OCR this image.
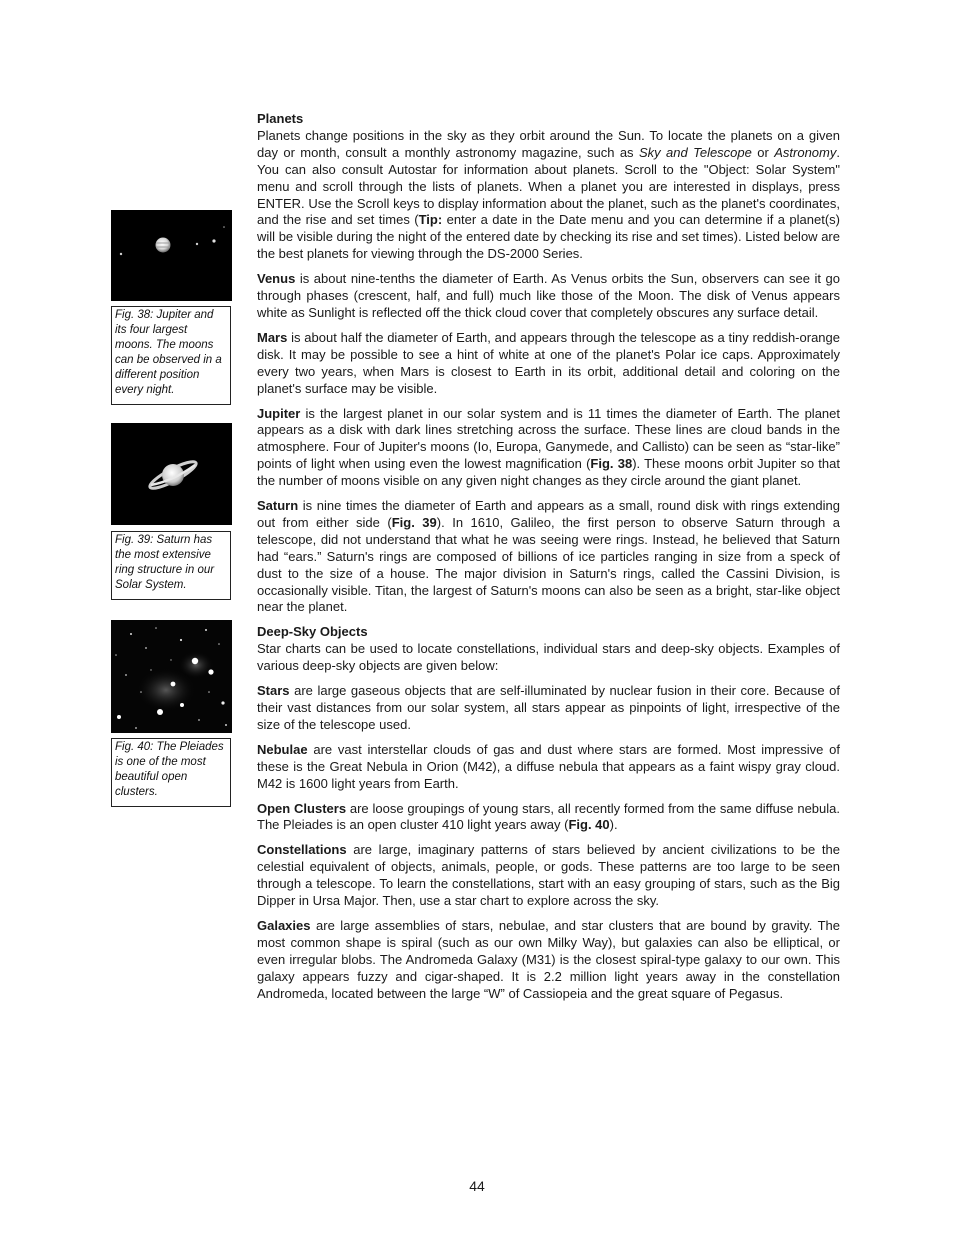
Fig. 38: Jupiter and its four largest moons. The moons can be observed in a different position every night.
Fig. 39: Saturn has the most extensive ring structure in our Solar System.
Fig. 40: The Pleiades is one of the most beautiful open clusters.
Planets

Planets change positions in the sky as they orbit around the Sun. To locate the planets on a given day or month, consult a monthly astronomy magazine, such as Sky and Telescope or Astronomy. You can also consult Autostar for information about planets. Scroll to the "Object: Solar System" menu and scroll through the lists of planets. When a planet you are interested in displays, press ENTER. Use the Scroll keys to display information about the planet, such as the planet's coordinates, and the rise and set times (Tip: enter a date in the Date menu and you can determine if a planet(s) will be visible during the night of the entered date by checking its rise and set times). Listed below are the best planets for viewing through the DS-2000 Series.

Venus is about nine-tenths the diameter of Earth. As Venus orbits the Sun, observers can see it go through phases (crescent, half, and full) much like those of the Moon. The disk of Venus appears white as Sunlight is reflected off the thick cloud cover that completely obscures any surface detail.

Mars is about half the diameter of Earth, and appears through the telescope as a tiny reddish-orange disk. It may be possible to see a hint of white at one of the planet's Polar ice caps. Approximately every two years, when Mars is closest to Earth in its orbit, additional detail and coloring on the planet's surface may be visible.

Jupiter is the largest planet in our solar system and is 11 times the diameter of Earth. The planet appears as a disk with dark lines stretching across the surface. These lines are cloud bands in the atmosphere. Four of Jupiter's moons (Io, Europa, Ganymede, and Callisto) can be seen as “star-like” points of light when using even the lowest magnification (Fig. 38). These moons orbit Jupiter so that the number of moons visible on any given night changes as they circle around the giant planet.

Saturn is nine times the diameter of Earth and appears as a small, round disk with rings extending out from either side (Fig. 39). In 1610, Galileo, the first person to observe Saturn through a telescope, did not understand that what he was seeing were rings. Instead, he believed that Saturn had “ears.” Saturn's rings are composed of billions of ice particles ranging in size from a speck of dust to the size of a house. The major division in Saturn's rings, called the Cassini Division, is occasionally visible. Titan, the largest of Saturn's moons can also be seen as a bright, star-like object near the planet.

Deep-Sky Objects

Star charts can be used to locate constellations, individual stars and deep-sky objects. Examples of various deep-sky objects are given below:

Stars are large gaseous objects that are self-illuminated by nuclear fusion in their core. Because of their vast distances from our solar system, all stars appear as pinpoints of light, irrespective of the size of the telescope used.

Nebulae are vast interstellar clouds of gas and dust where stars are formed. Most impressive of these is the Great Nebula in Orion (M42), a diffuse nebula that appears as a faint wispy gray cloud. M42 is 1600 light years from Earth.

Open Clusters are loose groupings of young stars, all recently formed from the same diffuse nebula. The Pleiades is an open cluster 410 light years away (Fig. 40).

Constellations are large, imaginary patterns of stars believed by ancient civilizations to be the celestial equivalent of objects, animals, people, or gods. These patterns are too large to be seen through a telescope. To learn the constellations, start with an easy grouping of stars, such as the Big Dipper in Ursa Major. Then, use a star chart to explore across the sky.

Galaxies are large assemblies of stars, nebulae, and star clusters that are bound by gravity. The most common shape is spiral (such as our own Milky Way), but galaxies can also be elliptical, or even irregular blobs. The Andromeda Galaxy (M31) is the closest spiral-type galaxy to our own. This galaxy appears fuzzy and cigar-shaped. It is 2.2 million light years away in the constellation Andromeda, located between the large “W” of Cassiopeia and the great square of Pegasus.

44
